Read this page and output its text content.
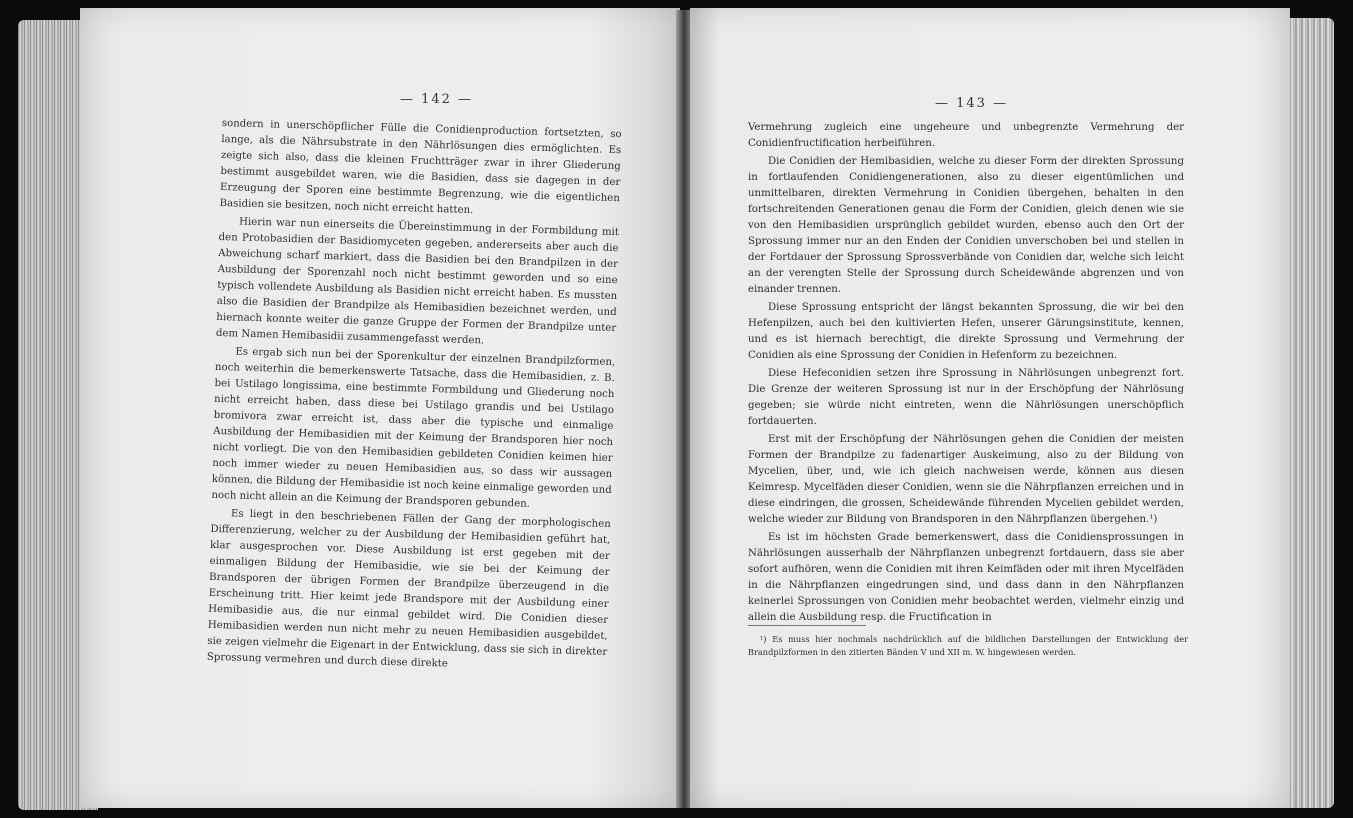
— 142 —

sondern in unerschöpflicher Fülle die Conidienproduction fortsetzten, so lange, als die Nährsubstrate in den Nährlösungen dies ermöglichten. Es zeigte sich also, dass die kleinen Fruchtträger zwar in ihrer Gliederung bestimmt ausgebildet waren, wie die Basidien, dass sie dagegen in der Erzeugung der Sporen eine bestimmte Begrenzung, wie die eigentlichen Basidien sie besitzen, noch nicht erreicht hatten.

Hierin war nun einerseits die Übereinstimmung in der Formbildung mit den Protobasidien der Basidiomyceten gegeben, andererseits aber auch die Abweichung scharf markiert, dass die Basidien bei den Brandpilzen in der Ausbildung der Sporenzahl noch nicht bestimmt geworden und so eine typisch vollendete Ausbildung als Basidien nicht erreicht haben. Es mussten also die Basidien der Brandpilze als Hemibasidien bezeichnet werden, und hiernach konnte weiter die ganze Gruppe der Formen der Brandpilze unter dem Namen Hemibasidii zusammengefasst werden.

Es ergab sich nun bei der Sporenkultur der einzelnen Brandpilzformen, noch weiterhin die bemerkenswerte Tatsache, dass die Hemibasidien, z. B. bei Ustilago longissima, eine bestimmte Formbildung und Gliederung noch nicht erreicht haben, dass diese bei Ustilago grandis und bei Ustilago bromivora zwar erreicht ist, dass aber die typische und einmalige Ausbildung der Hemibasidien mit der Keimung der Brandsporen hier noch nicht vorliegt. Die von den Hemibasidien gebildeten Conidien keimen hier noch immer wieder zu neuen Hemibasidien aus, so dass wir aussagen können, die Bildung der Hemibasidie ist noch keine einmalige geworden und noch nicht allein an die Keimung der Brandsporen gebunden.

Es liegt in den beschriebenen Fällen der Gang der morphologischen Differenzierung, welcher zu der Ausbildung der Hemibasidien geführt hat, klar ausgesprochen vor. Diese Ausbildung ist erst gegeben mit der einmaligen Bildung der Hemibasidie, wie sie bei der Keimung der Brandsporen der übrigen Formen der Brandpilze überzeugend in die Erscheinung tritt. Hier keimt jede Brandspore mit der Ausbildung einer Hemibasidie aus, die nur einmal gebildet wird. Die Conidien dieser Hemibasidien werden nun nicht mehr zu neuen Hemibasidien ausgebildet, sie zeigen vielmehr die Eigenart in der Entwicklung, dass sie sich in direkter Sprossung vermehren und durch diese direkte

— 143 —

Vermehrung zugleich eine ungeheure und unbegrenzte Vermehrung der Conidienfructification herbeiführen.

Die Conidien der Hemibasidien, welche zu dieser Form der direkten Sprossung in fortlaufenden Conidiengenerationen, also zu dieser eigentümlichen und unmittelbaren, direkten Vermehrung in Conidien übergehen, behalten in den fortschreitenden Generationen genau die Form der Conidien, gleich denen wie sie von den Hemibasidien ursprünglich gebildet wurden, ebenso auch den Ort der Sprossung immer nur an den Enden der Conidien unverschoben bei und stellen in der Fortdauer der Sprossung Sprossverbände von Conidien dar, welche sich leicht an der verengten Stelle der Sprossung durch Scheidewände abgrenzen und von einander trennen.

Diese Sprossung entspricht der längst bekannten Sprossung, die wir bei den Hefenpilzen, auch bei den kultivierten Hefen, unserer Gärungsinstitute, kennen, und es ist hiernach berechtigt, die direkte Sprossung und Vermehrung der Conidien als eine Sprossung der Conidien in Hefenform zu bezeichnen.

Diese Hefeconidien setzen ihre Sprossung in Nährlösungen unbegrenzt fort. Die Grenze der weiteren Sprossung ist nur in der Erschöpfung der Nährlösung gegeben; sie würde nicht eintreten, wenn die Nährlösungen unerschöpflich fortdauerten.

Erst mit der Erschöpfung der Nährlösungen gehen die Conidien der meisten Formen der Brandpilze zu fadenartiger Auskeimung, also zu der Bildung von Mycelien, über, und, wie ich gleich nachweisen werde, können aus diesen Keimresp. Mycelfäden dieser Conidien, wenn sie die Nährpflanzen erreichen und in diese eindringen, die grossen, Scheidewände führenden Mycelien gebildet werden, welche wieder zur Bildung von Brandsporen in den Nährpflanzen übergehen.¹)

Es ist im höchsten Grade bemerkenswert, dass die Conidiensprossungen in Nährlösungen ausserhalb der Nährpflanzen unbegrenzt fortdauern, dass sie aber sofort aufhören, wenn die Conidien mit ihren Keimfäden oder mit ihren Mycelfäden in die Nährpflanzen eingedrungen sind, und dass dann in den Nährpflanzen keinerlei Sprossungen von Conidien mehr beobachtet werden, vielmehr einzig und allein die Ausbildung resp. die Fructification in

¹) Es muss hier nochmals nachdrücklich auf die bildlichen Darstellungen der Entwicklung der Brandpilzformen in den zitierten Bänden V und XII m. W. hingewiesen werden.
